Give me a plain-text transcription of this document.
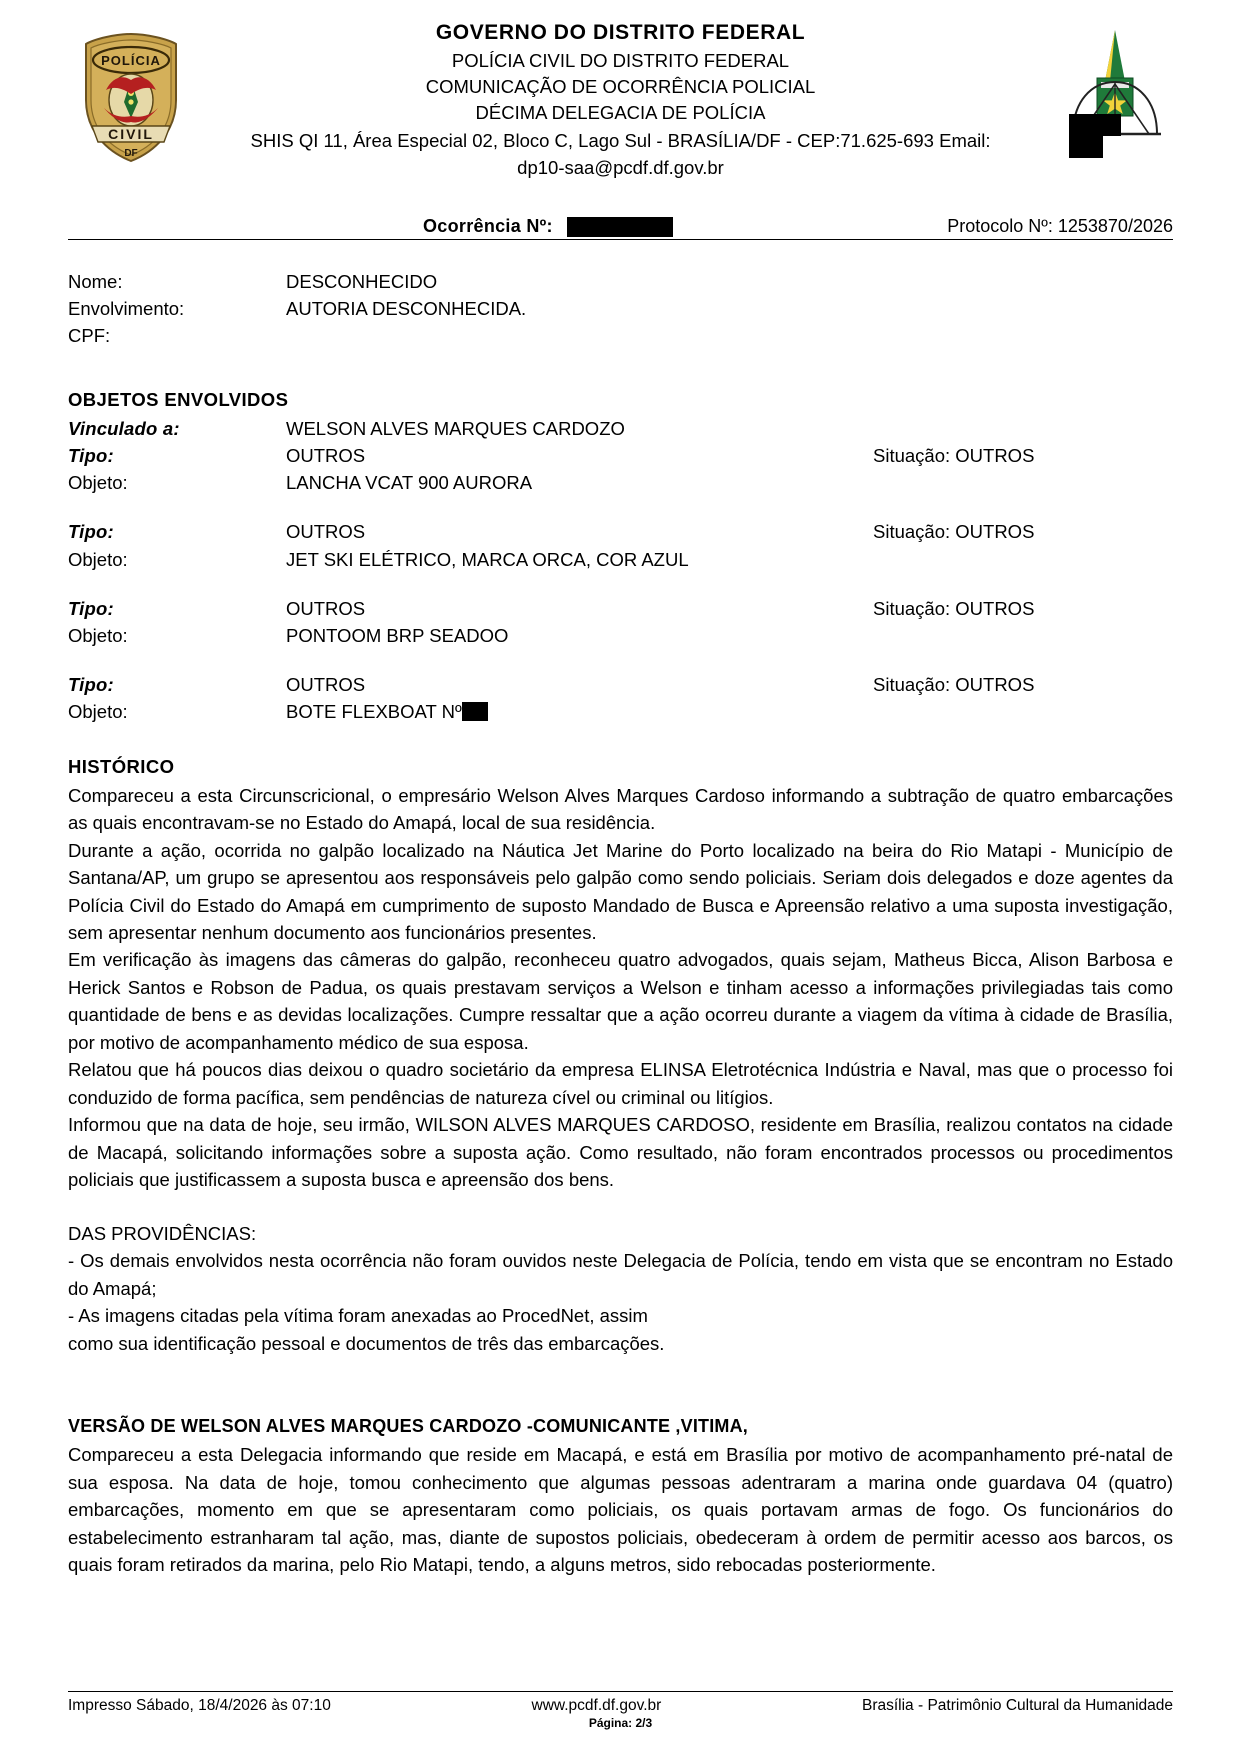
POLÍCIA
CIVIL
DF
GOVERNO DO DISTRITO FEDERAL
POLÍCIA CIVIL DO DISTRITO FEDERAL
COMUNICAÇÃO DE OCORRÊNCIA POLICIAL
DÉCIMA DELEGACIA DE POLÍCIA
SHIS QI 11, Área Especial 02, Bloco C, Lago Sul - BRASÍLIA/DF - CEP:71.625-693 Email:
dp10-saa@pcdf.df.gov.br
Ocorrência Nº:	Protocolo Nº: 1253870/2026
Nome:	DESCONHECIDO
Envolvimento:	AUTORIA DESCONHECIDA.
CPF:
OBJETOS ENVOLVIDOS
Vinculado a:	WELSON ALVES MARQUES CARDOZO
Tipo:	OUTROS	Situação: OUTROS
Objeto:	LANCHA VCAT 900 AURORA
Tipo:	OUTROS	Situação: OUTROS
Objeto:	JET SKI ELÉTRICO, MARCA ORCA, COR AZUL
Tipo:	OUTROS	Situação: OUTROS
Objeto:	PONTOOM BRP SEADOO
Tipo:	OUTROS	Situação: OUTROS
Objeto:	BOTE FLEXBOAT Nº
HISTÓRICO

Compareceu a esta Circunscricional, o empresário Welson Alves Marques Cardoso informando a subtração de quatro embarcações as quais encontravam-se no Estado do Amapá, local de sua residência.

Durante a ação, ocorrida no galpão localizado na Náutica Jet Marine do Porto localizado na beira do Rio Matapi - Município de Santana/AP, um grupo se apresentou aos responsáveis pelo galpão como sendo policiais. Seriam dois delegados e doze agentes da Polícia Civil do Estado do Amapá em cumprimento de suposto Mandado de Busca e Apreensão relativo a uma suposta investigação, sem apresentar nenhum documento aos funcionários presentes.

Em verificação às imagens das câmeras do galpão, reconheceu quatro advogados, quais sejam, Matheus Bicca, Alison Barbosa e Herick Santos e Robson de Padua, os quais prestavam serviços a Welson e tinham acesso a informações privilegiadas tais como quantidade de bens e as devidas localizações. Cumpre ressaltar que a ação ocorreu durante a viagem da vítima à cidade de Brasília, por motivo de acompanhamento médico de sua esposa.

Relatou que há poucos dias deixou o quadro societário da empresa ELINSA Eletrotécnica Indústria e Naval, mas que o processo foi conduzido de forma pacífica, sem pendências de natureza cível ou criminal ou litígios.

Informou que na data de hoje, seu irmão, WILSON ALVES MARQUES CARDOSO, residente em Brasília, realizou contatos na cidade de Macapá, solicitando informações sobre a suposta ação. Como resultado, não foram encontrados processos ou procedimentos policiais que justificassem a suposta busca e apreensão dos bens.

DAS PROVIDÊNCIAS:

- Os demais envolvidos nesta ocorrência não foram ouvidos neste Delegacia de Polícia, tendo em vista que se encontram no Estado do Amapá;

- As imagens citadas pela vítima foram anexadas ao ProcedNet, assim

como sua identificação pessoal e documentos de três das embarcações.

VERSÃO DE WELSON ALVES MARQUES CARDOZO -COMUNICANTE ,VITIMA,

Compareceu a esta Delegacia informando que reside em Macapá, e está em Brasília por motivo de acompanhamento pré-natal de sua esposa. Na data de hoje, tomou conhecimento que algumas pessoas adentraram a marina onde guardava 04 (quatro) embarcações, momento em que se apresentaram como policiais, os quais portavam armas de fogo. Os funcionários do estabelecimento estranharam tal ação, mas, diante de supostos policiais, obedeceram à ordem de permitir acesso aos barcos, os quais foram retirados da marina, pelo Rio Matapi, tendo, a alguns metros, sido rebocadas posteriormente.

Impresso Sábado, 18/4/2026 às 07:10	www.pcdf.df.gov.br	Brasília - Patrimônio Cultural da Humanidade
Página: 2/3
